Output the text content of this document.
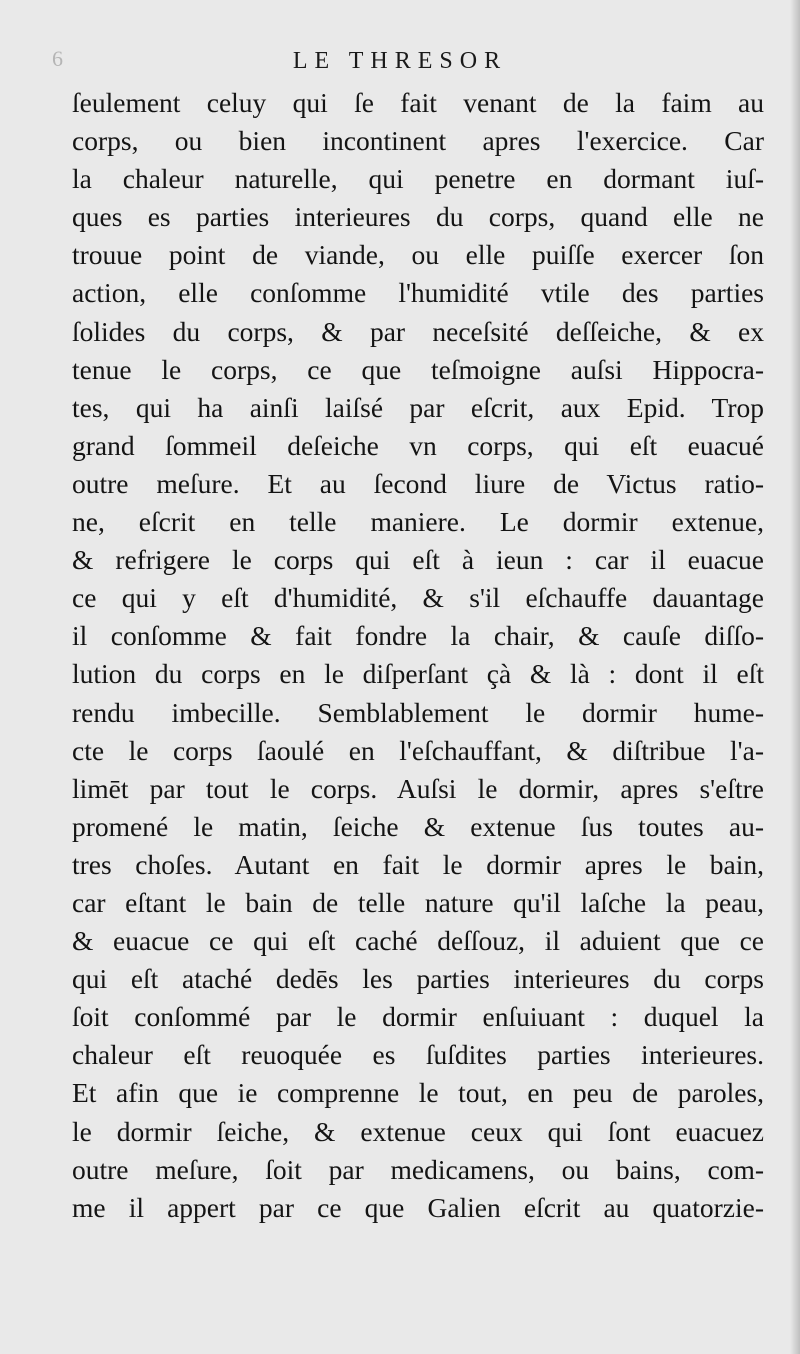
6	LE THRESOR
ſeulement celuy qui ſe fait venant de la faim au
corps, ou bien incontinent apres l'exercice. Car
la chaleur naturelle, qui penetre en dormant iuſ-
ques es parties interieures du corps, quand elle ne
trouue point de viande, ou elle puiſſe exercer ſon
action, elle conſomme l'humidité vtile des parties
ſolides du corps, & par neceſsité deſſeiche, & ex
tenue le corps, ce que teſmoigne auſsi Hippocra-
tes, qui ha ainſi laiſsé par eſcrit, aux Epid. Trop
grand ſommeil deſeiche vn corps, qui eſt euacué
outre meſure. Et au ſecond liure de Victus ratio-
ne, eſcrit en telle maniere. Le dormir extenue,
& refrigere le corps qui eſt à ieun : car il euacue
ce qui y eſt d'humidité, & s'il eſchauffe dauantage
il conſomme & fait fondre la chair, & cauſe diſſo-
lution du corps en le diſperſant çà & là : dont il eſt
rendu imbecille. Semblablement le dormir hume-
cte le corps ſaoulé en l'eſchauffant, & diſtribue l'a-
limēt par tout le corps. Auſsi le dormir, apres s'eſtre
promené le matin, ſeiche & extenue ſus toutes au-
tres choſes. Autant en fait le dormir apres le bain,
car eſtant le bain de telle nature qu'il laſche la peau,
& euacue ce qui eſt caché deſſouz, il aduient que ce
qui eſt ataché dedēs les parties interieures du corps
ſoit conſommé par le dormir enſuiuant : duquel la
chaleur eſt reuoquée es ſuſdites parties interieures.
Et afin que ie comprenne le tout, en peu de paroles,
le dormir ſeiche, & extenue ceux qui ſont euacuez
outre meſure, ſoit par medicamens, ou bains, com-
me il appert par ce que Galien eſcrit au quatorzie-
